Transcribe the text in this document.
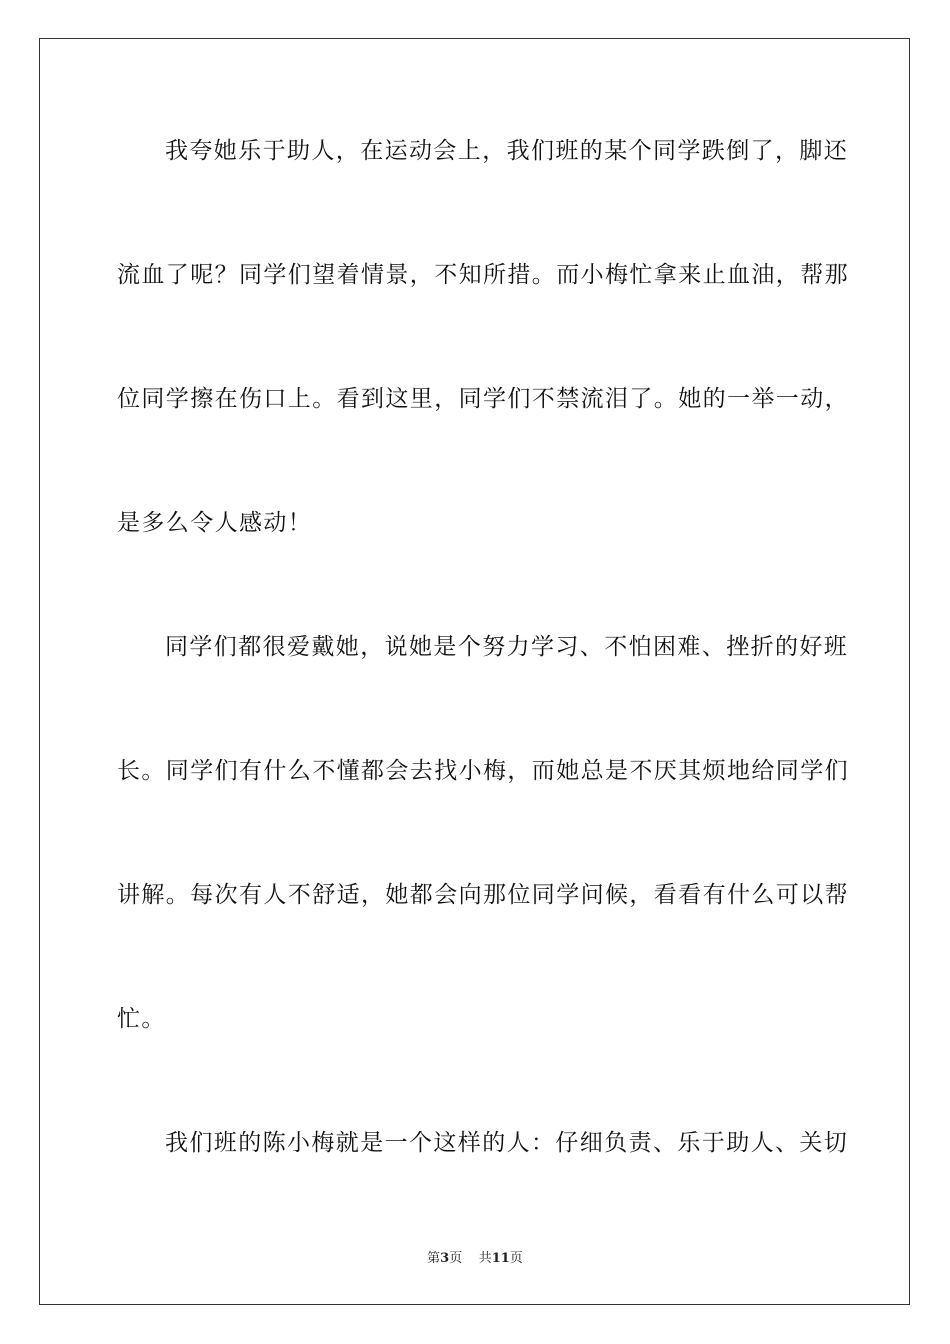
我夸她乐于助人，在运动会上，我们班的某个同学跌倒了，脚还
流血了呢？同学们望着情景，不知所措。而小梅忙拿来止血油，帮那
位同学擦在伤口上。看到这里，同学们不禁流泪了。她的一举一动，
是多么令人感动！
同学们都很爱戴她，说她是个努力学习、不怕困难、挫折的好班
长。同学们有什么不懂都会去找小梅，而她总是不厌其烦地给同学们
讲解。每次有人不舒适，她都会向那位同学问候，看看有什么可以帮
忙。
我们班的陈小梅就是一个这样的人：仔细负责、乐于助人、关切
第3页 共11页
